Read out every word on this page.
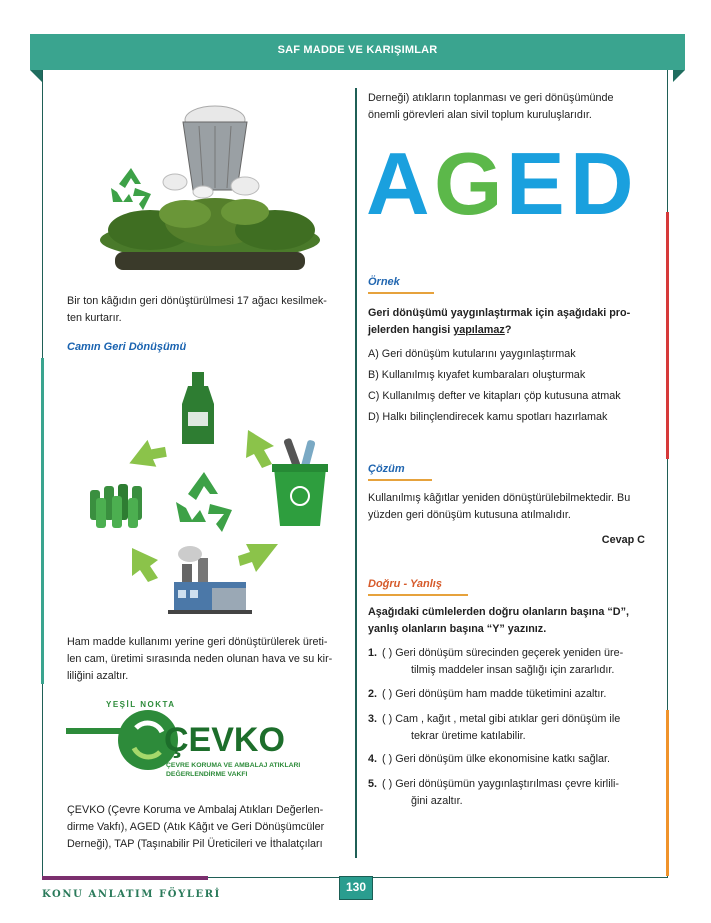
SAF MADDE VE KARIŞIMLAR
Bir ton kâğıdın geri dönüştürülmesi 17 ağacı kesilmek-
ten kurtarır.
Camın Geri Dönüşümü
Ham madde kullanımı yerine geri dönüştürülerek üreti-
len cam, üretimi sırasında neden olunan hava ve su kir-
liliğini azaltır.
YEŞİL NOKTA
ÇEVKO
ÇEVRE KORUMA VE AMBALAJ ATIKLARI
DEĞERLENDİRME VAKFI
ÇEVKO (Çevre Koruma ve Ambalaj Atıkları Değerlen-
dirme Vakfı), AGED (Atık Kâğıt ve Geri Dönüşümcüler
Derneği), TAP (Taşınabilir Pil Üreticileri ve İthalatçıları
Derneği) atıkların toplanması ve geri dönüşümünde
önemli görevleri alan sivil toplum kuruluşlarıdır.
A G E D
Örnek
Geri dönüşümü yaygınlaştırmak için aşağıdaki pro-
jelerden hangisi yapılamaz?
A) Geri dönüşüm kutularını yaygınlaştırmak
B) Kullanılmış kıyafet kumbaraları oluşturmak
C) Kullanılmış defter ve kitapları çöp kutusuna atmak
D) Halkı bilinçlendirecek kamu spotları hazırlamak
Çözüm
Kullanılmış kâğıtlar yeniden dönüştürülebilmektedir. Bu
yüzden geri dönüşüm kutusuna atılmalıdır.
Cevap C
Doğru - Yanlış
Aşağıdaki cümlelerden doğru olanların başına “D”,
yanlış olanların başına “Y” yazınız.
1. ( ) Geri dönüşüm sürecinden geçerek yeniden üre-
tilmiş maddeler insan sağlığı için zararlıdır.
2. ( ) Geri dönüşüm ham madde tüketimini azaltır.
3. ( ) Cam , kağıt , metal gibi atıklar geri dönüşüm ile
tekrar üretime katılabilir.
4. ( ) Geri dönüşüm ülke ekonomisine katkı sağlar.
5. ( ) Geri dönüşümün yaygınlaştırılması çevre kirlili-
ğini azaltır.
KONU ANLATIM FÖYLERİ
130
